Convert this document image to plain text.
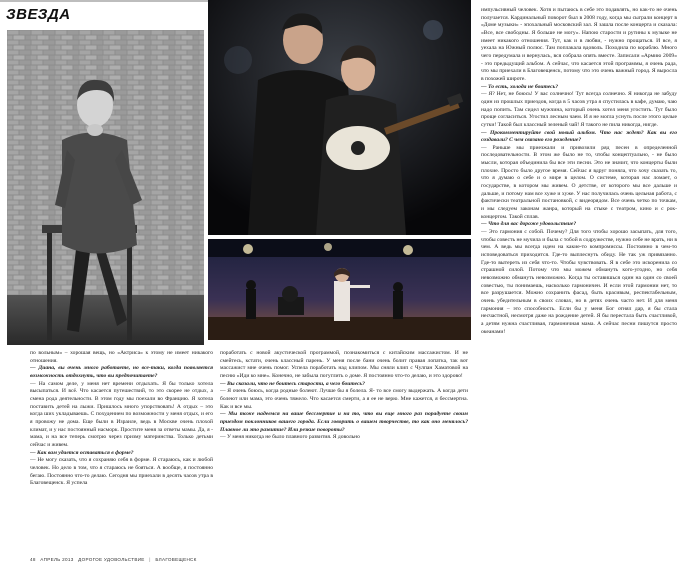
ЗВЕЗДА

по вольным» – хорошая вещь, но «Актриса» к этому не имеет никакого отношения.

— Диана, вы очень много работаете, но все-таки, когда появляется возможность отдохнуть, что вы предпочитаете?

— На самом деле, у меня нет времени отдыхать. Я бы только хотела высыпаться. И всё. Что касается путешествий, то это скорее не отдых, а смена рода деятельности. В этом году мы поехали во Францию. Я хотела поставить детей на лыжи. Пришлось много упорствовать! А отдых – это когда ших укладываешь. С похудением по возможности у меня отдых, и его я провожу не дома. Еще были в Израиле, ведь в Москве очень плохой климат, и у нас постоянный насморк. Простите меня за ответы мамы. Да, я - мама, и на все теперь смотрю через призму материнства. Только детьми сейчас и живем.

— Как вам удается оставаться в форме?

— Не могу сказать, что я сохраняю себя в форме. Я стараюсь, как и любой человек. Но дело в том, что я стараюсь не бояться. А вообще, я постоянно бегаю. Постоянно что-то делаю. Сегодня мы приехали в десять часов утра в Благовещенск. Я успела

поработать с новой акустической программой, познакомиться с китайским массажистом. И не смейтесь, кстати, очень классный парень. У меня после бани очень болит правая лопатка, так вот массажист мне очень помог. Успела поработать над клипом. Мы сняли клип с Чулпан Хаматовой на песню «Иди ко мне». Конечно, не забыла погуглить о доме. Я постоянно что-то делаю, и это здорово!

— Вы сказали, что не боитесь старости, а чего боитесь?

— Я очень боюсь, когда родные болеют. Лучше бы я болела. Я- то все смогу выдержать. А когда дети болеют или мама, это очень тяжело. Что касается смерти, а я ее не верю. Мне кажется, я бессмертна. Как и все мы.

— Мы тоже надеемся на ваше бессмертие и на то, что вы еще много раз порадуете своим приездом поклонников вашего города. Если говорить о вашем творчестве, то как оно менялось? Плавное ли это развитие? Или резкие повороты?

— У меня никогда не было плавного развития. Я довольно

импульсивный человек. Хотя и пытаюсь в себе это подавлять, но как-то не очень получается. Кардинальный поворот был в 2008 году, когда мы сыграли концерт в «Доме музыки» - эпохальный московский зал. Я зашла после концерта и сказала: «Все, все свободны. Я больше не могу». Напою старости и рутины к музыке не имеет никакого отношения. Тут, как и в любви, - нужно прощаться. И все, я уехала на Южный полюс. Там поплакала вдоволь. Походила по кораблю. Много чего передумала и вернулась, вся собрала опять вместе. Записали «Армию 2009» - это предыдущий альбом. А сейчас, что касается этой программы, я очень рада, что мы приехали в Благовещенск, потому что это очень важный город. Я выросла в похожей широте.

— То есть, холода не боитесь?

— Я? Нет, не боюсь! У вас солнечно! Тут всегда солнечно. Я никогда не забуду один из прошлых приездов, когда в 5 часов утра я спустилась в кафе, думаю, чаю надо попить. Там сидел мужчина, который очень хотел меня угостить. Тут было проще согласиться. Угостил лесным чаем. И я не могла уснуть после этого целые сутки! Такой был классный зеленый чай! Я такого не пила никогда, нигде.

— Прокомментируйте свой новый альбом. Что нас ждет? Как вы его создавали? С чем связано его рождение?

— Раньше мы приезжали и привозили ряд песен в определенной последовательности. В этом же было не то, чтобы концептуально, - не было мысли, которая объединила бы все эти песни. Это не значит, что концерты были плохие. Просто было другое время. Сейчас я вдруг поняла, что хочу сказать то, что я думаю о себе и о мире в целом. О системе, которая нас ломает, о государстве, в котором мы живем. О детстве, от которого мы все дальше и дальше, и потому нам все хуже и хуже. У нас получилась очень цельная работа, с фактически театральной постановкой, с видеорядом. Все очень четко по точкам, и мы следуем законам жанра, который на стыке с театром, кино и с рок-концертом. Такой сплав.

— Что для вас дороже удовольствие?

— Это гармония с собой. Почему? Для того чтобы хорошо засыпать, для того, чтобы совесть не мучила и была с тобой в содружестве, нужно себе не врать, ни в чем. А ведь мы всегда идем на какие-то компромиссы. Постоянно в чем-то исповедоваться приходится. Где-то выплеснуть обиду. Не так уж привязанно. Где-то вытереть из себя что-то. Чтобы чувствовать. Я в себе это искоренила со страшной силой. Потому что мы можем обмануть кого-угодно, но себя невозможно обмануть невозможно. Когда ты оставишься один на один со своей совестью, ты понимаешь, насколько гармоничен. И если этой гармонии нет, то все разрушается. Можно сохранить фасад, быть красивым, респектабельным, очень убедительным в своих словах, но в детях очень часто нет. И для меня гармония – это способность. Если бы у меня Бог отнял дар, я бы стала несчастной, несмотря даже на рождение детей. Я бы перестала быть счастливой, а детям нужна счастливая, гармоничная мама. А сейчас песни пишутся просто океанами!

48 АПРЕЛЬ 2013 ДОРОГОЕ УДОВОЛЬСТВИЕ | БЛАГОВЕЩЕНСК
